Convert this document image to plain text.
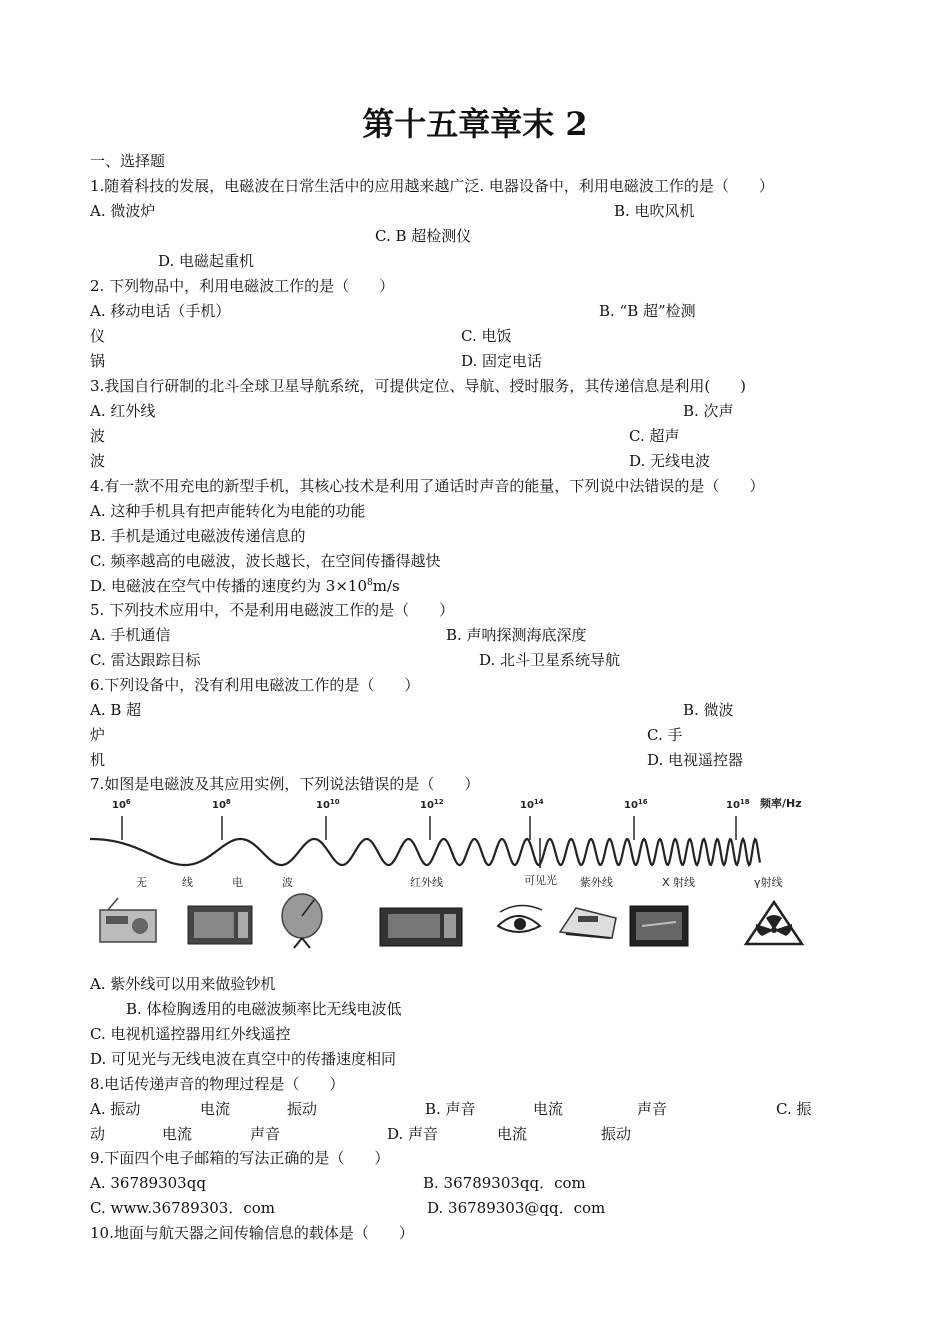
第十五章章末 2
一、选择题
1.随着科技的发展，电磁波在日常生活中的应用越来越广泛. 电器设备中，利用电磁波工作的是（　　）
A. 微波炉	B. 电吹风机
C. B 超检测仪
D. 电磁起重机
2. 下列物品中，利用电磁波工作的是（　　）
A. 移动电话（手机）	B. “B 超”检测
仪	C. 电饭
锅	D. 固定电话
3.我国自行研制的北斗全球卫星导航系统，可提供定位、导航、授时服务，其传递信息是利用(　　)
A. 红外线	B. 次声
波	C. 超声
波	D. 无线电波
4.有一款不用充电的新型手机，其核心技术是利用了通话时声音的能量，下列说中法错误的是（　　）
A. 这种手机具有把声能转化为电能的功能
B. 手机是通过电磁波传递信息的
C. 频率越高的电磁波，波长越长，在空间传播得越快
D. 电磁波在空气中传播的速度约为 $3\times 10^8m/s$
5. 下列技术应用中，不是利用电磁波工作的是（　　）
A. 手机通信	B. 声呐探测海底深度
C. 雷达跟踪目标	D. 北斗卫星系统导航
6.下列设备中，没有利用电磁波工作的是（　　）
A. B 超	B. 微波
炉	C. 手
机	D. 电视遥控器
7.如图是电磁波及其应用实例，下列说法错误的是（　　）
$10^6$	$10^8$	$10^{10}$	$10^{12}$	$10^{14}$	$10^{16}$	$10^{18}$ 频率/Hz
无	线	电	波	红外线	可见光 紫外线	X 射线	γ射线
A. 紫外线可以用来做验钞机
B. 体检胸透用的电磁波频率比无线电波低
C. 电视机遥控器用红外线遥控
D. 可见光与无线电波在真空中的传播速度相同
8.电话传递声音的物理过程是（　　）
A. 振动	电流	振动	B. 声音	电流	声音	C. 振
动	电流	声音	D. 声音	电流	振动
9.下面四个电子邮箱的写法正确的是（　　）
A. 36789303qq	B. 36789303qq．com
C. www.36789303．com	D. 36789303@qq．com
10.地面与航天器之间传输信息的载体是（　　）
